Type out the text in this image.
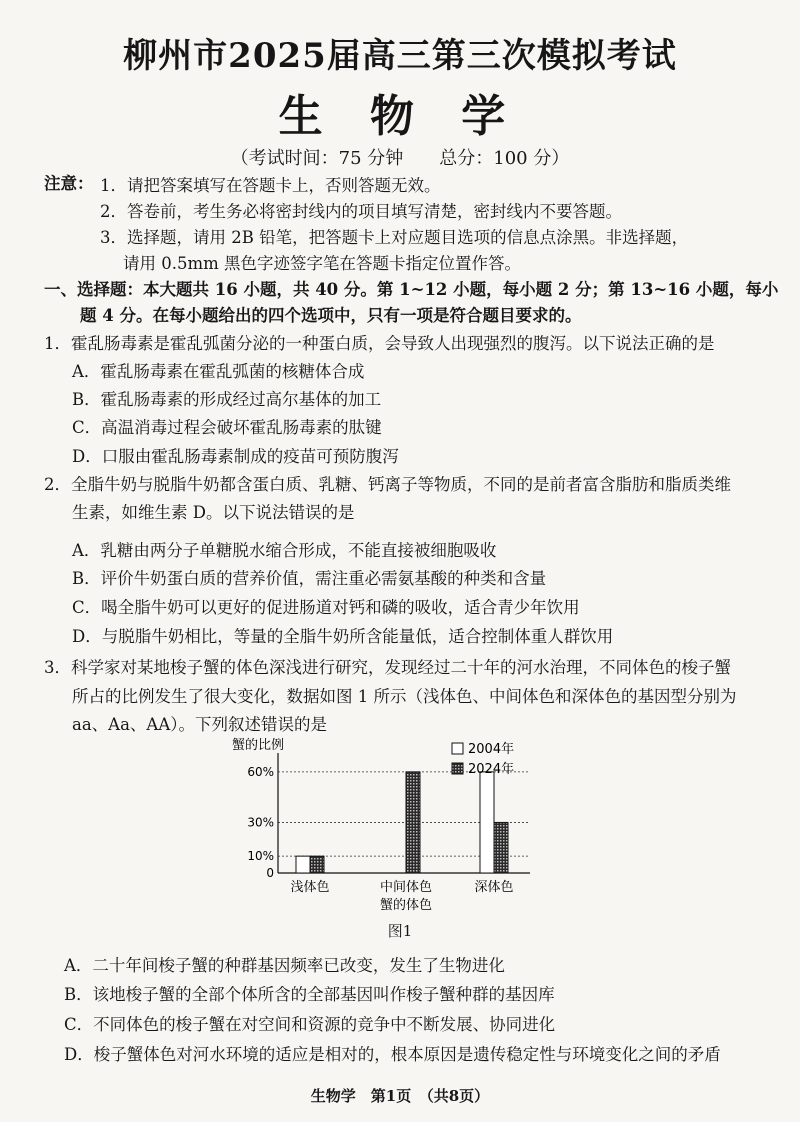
柳州市2025届高三第三次模拟考试
生 物 学
（考试时间：75 分钟　　总分：100 分）
注意： 1．请把答案填写在答题卡上，否则答题无效。
2．答卷前，考生务必将密封线内的项目填写清楚，密封线内不要答题。
3．选择题，请用 2B 铅笔，把答题卡上对应题目选项的信息点涂黑。非选择题，
请用 0.5mm 黑色字迹签字笔在答题卡指定位置作答。
一、选择题：本大题共 16 小题，共 40 分。第 1~12 小题，每小题 2 分；第 13~16 小题，每小
题 4 分。在每小题给出的四个选项中，只有一项是符合题目要求的。
1．霍乱肠毒素是霍乱弧菌分泌的一种蛋白质，会导致人出现强烈的腹泻。以下说法正确的是
A．霍乱肠毒素在霍乱弧菌的核糖体合成
B．霍乱肠毒素的形成经过高尔基体的加工
C．高温消毒过程会破坏霍乱肠毒素的肽键
D．口服由霍乱肠毒素制成的疫苗可预防腹泻
2．全脂牛奶与脱脂牛奶都含蛋白质、乳糖、钙离子等物质，不同的是前者富含脂肪和脂质类维
生素，如维生素 D。以下说法错误的是
A．乳糖由两分子单糖脱水缩合形成，不能直接被细胞吸收
B．评价牛奶蛋白质的营养价值，需注重必需氨基酸的种类和含量
C．喝全脂牛奶可以更好的促进肠道对钙和磷的吸收，适合青少年饮用
D．与脱脂牛奶相比，等量的全脂牛奶所含能量低，适合控制体重人群饮用
3．科学家对某地梭子蟹的体色深浅进行研究，发现经过二十年的河水治理，不同体色的梭子蟹
所占的比例发生了很大变化，数据如图 1 所示（浅体色、中间体色和深体色的基因型分别为
aa、Aa、AA）。下列叙述错误的是
蟹的比例
0
10%
30%
60%
浅体色	中间体色	深体色
蟹的体色
2004年
2024年
图1
A．二十年间梭子蟹的种群基因频率已改变，发生了生物进化
B．该地梭子蟹的全部个体所含的全部基因叫作梭子蟹种群的基因库
C．不同体色的梭子蟹在对空间和资源的竞争中不断发展、协同进化
D．梭子蟹体色对河水环境的适应是相对的，根本原因是遗传稳定性与环境变化之间的矛盾
生物学　第1页　（共8页）
